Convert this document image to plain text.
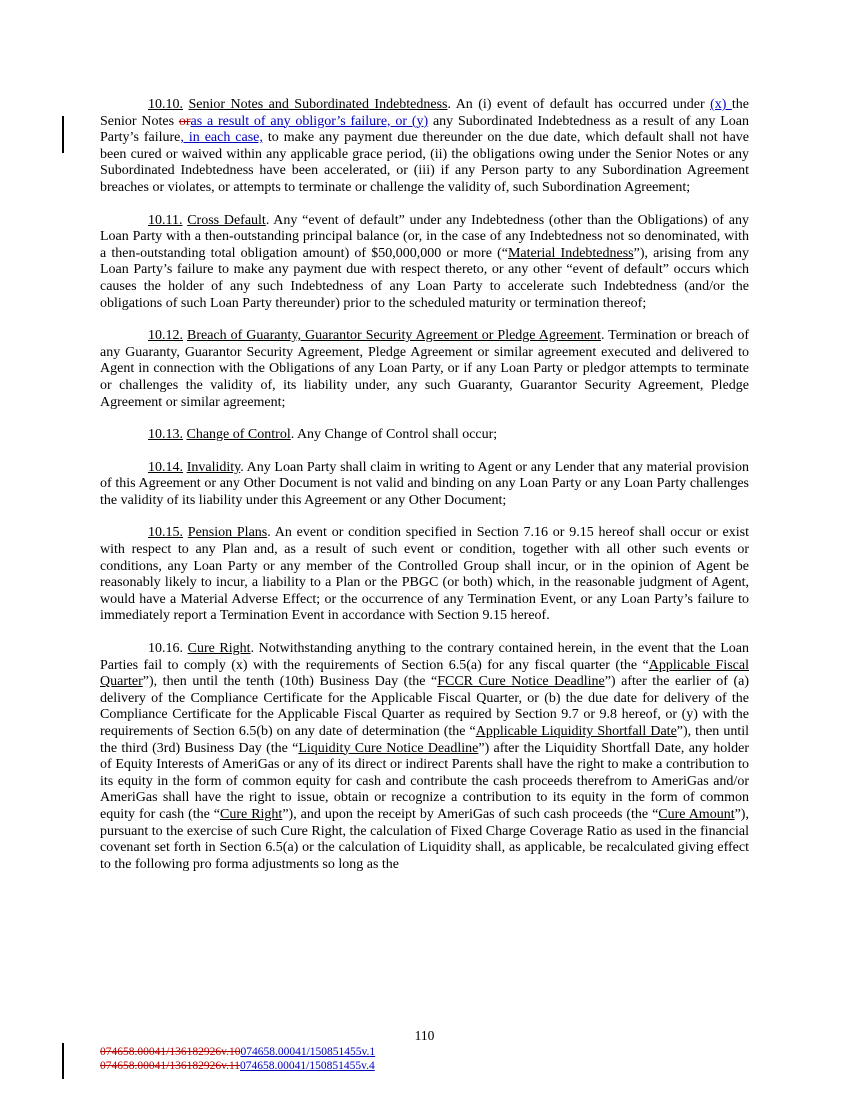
10.10. Senior Notes and Subordinated Indebtedness. An (i) event of default has occurred under (x) the Senior Notes oras a result of any obligor’s failure, or (y) any Subordinated Indebtedness as a result of any Loan Party’s failure, in each case, to make any payment due thereunder on the due date, which default shall not have been cured or waived within any applicable grace period, (ii) the obligations owing under the Senior Notes or any Subordinated Indebtedness have been accelerated, or (iii) if any Person party to any Subordination Agreement breaches or violates, or attempts to terminate or challenge the validity of, such Subordination Agreement;

10.11. Cross Default. Any “event of default” under any Indebtedness (other than the Obligations) of any Loan Party with a then-outstanding principal balance (or, in the case of any Indebtedness not so denominated, with a then-outstanding total obligation amount) of $50,000,000 or more (“Material Indebtedness”), arising from any Loan Party’s failure to make any payment due with respect thereto, or any other “event of default” occurs which causes the holder of any such Indebtedness of any Loan Party to accelerate such Indebtedness (and/or the obligations of such Loan Party thereunder) prior to the scheduled maturity or termination thereof;

10.12. Breach of Guaranty, Guarantor Security Agreement or Pledge Agreement. Termination or breach of any Guaranty, Guarantor Security Agreement, Pledge Agreement or similar agreement executed and delivered to Agent in connection with the Obligations of any Loan Party, or if any Loan Party or pledgor attempts to terminate or challenges the validity of, its liability under, any such Guaranty, Guarantor Security Agreement, Pledge Agreement or similar agreement;

10.13. Change of Control. Any Change of Control shall occur;

10.14. Invalidity. Any Loan Party shall claim in writing to Agent or any Lender that any material provision of this Agreement or any Other Document is not valid and binding on any Loan Party or any Loan Party challenges the validity of its liability under this Agreement or any Other Document;

10.15. Pension Plans. An event or condition specified in Section 7.16 or 9.15 hereof shall occur or exist with respect to any Plan and, as a result of such event or condition, together with all other such events or conditions, any Loan Party or any member of the Controlled Group shall incur, or in the opinion of Agent be reasonably likely to incur, a liability to a Plan or the PBGC (or both) which, in the reasonable judgment of Agent, would have a Material Adverse Effect; or the occurrence of any Termination Event, or any Loan Party’s failure to immediately report a Termination Event in accordance with Section 9.15 hereof.

10.16. Cure Right. Notwithstanding anything to the contrary contained herein, in the event that the Loan Parties fail to comply (x) with the requirements of Section 6.5(a) for any fiscal quarter (the “Applicable Fiscal Quarter”), then until the tenth (10th) Business Day (the “FCCR Cure Notice Deadline”) after the earlier of (a) delivery of the Compliance Certificate for the Applicable Fiscal Quarter, or (b) the due date for delivery of the Compliance Certificate for the Applicable Fiscal Quarter as required by Section 9.7 or 9.8 hereof, or (y) with the requirements of Section 6.5(b) on any date of determination (the “Applicable Liquidity Shortfall Date”), then until the third (3rd) Business Day (the “Liquidity Cure Notice Deadline”) after the Liquidity Shortfall Date, any holder of Equity Interests of AmeriGas or any of its direct or indirect Parents shall have the right to make a contribution to its equity in the form of common equity for cash and contribute the cash proceeds therefrom to AmeriGas and/or AmeriGas shall have the right to issue, obtain or recognize a contribution to its equity in the form of common equity for cash (the “Cure Right”), and upon the receipt by AmeriGas of such cash proceeds (the “Cure Amount”), pursuant to the exercise of such Cure Right, the calculation of Fixed Charge Coverage Ratio as used in the financial covenant set forth in Section 6.5(a) or the calculation of Liquidity shall, as applicable, be recalculated giving effect to the following pro forma adjustments so long as the

110
074658.00041/136182926v.10074658.00041/150851455v.1
074658.00041/136182926v.11074658.00041/150851455v.4
